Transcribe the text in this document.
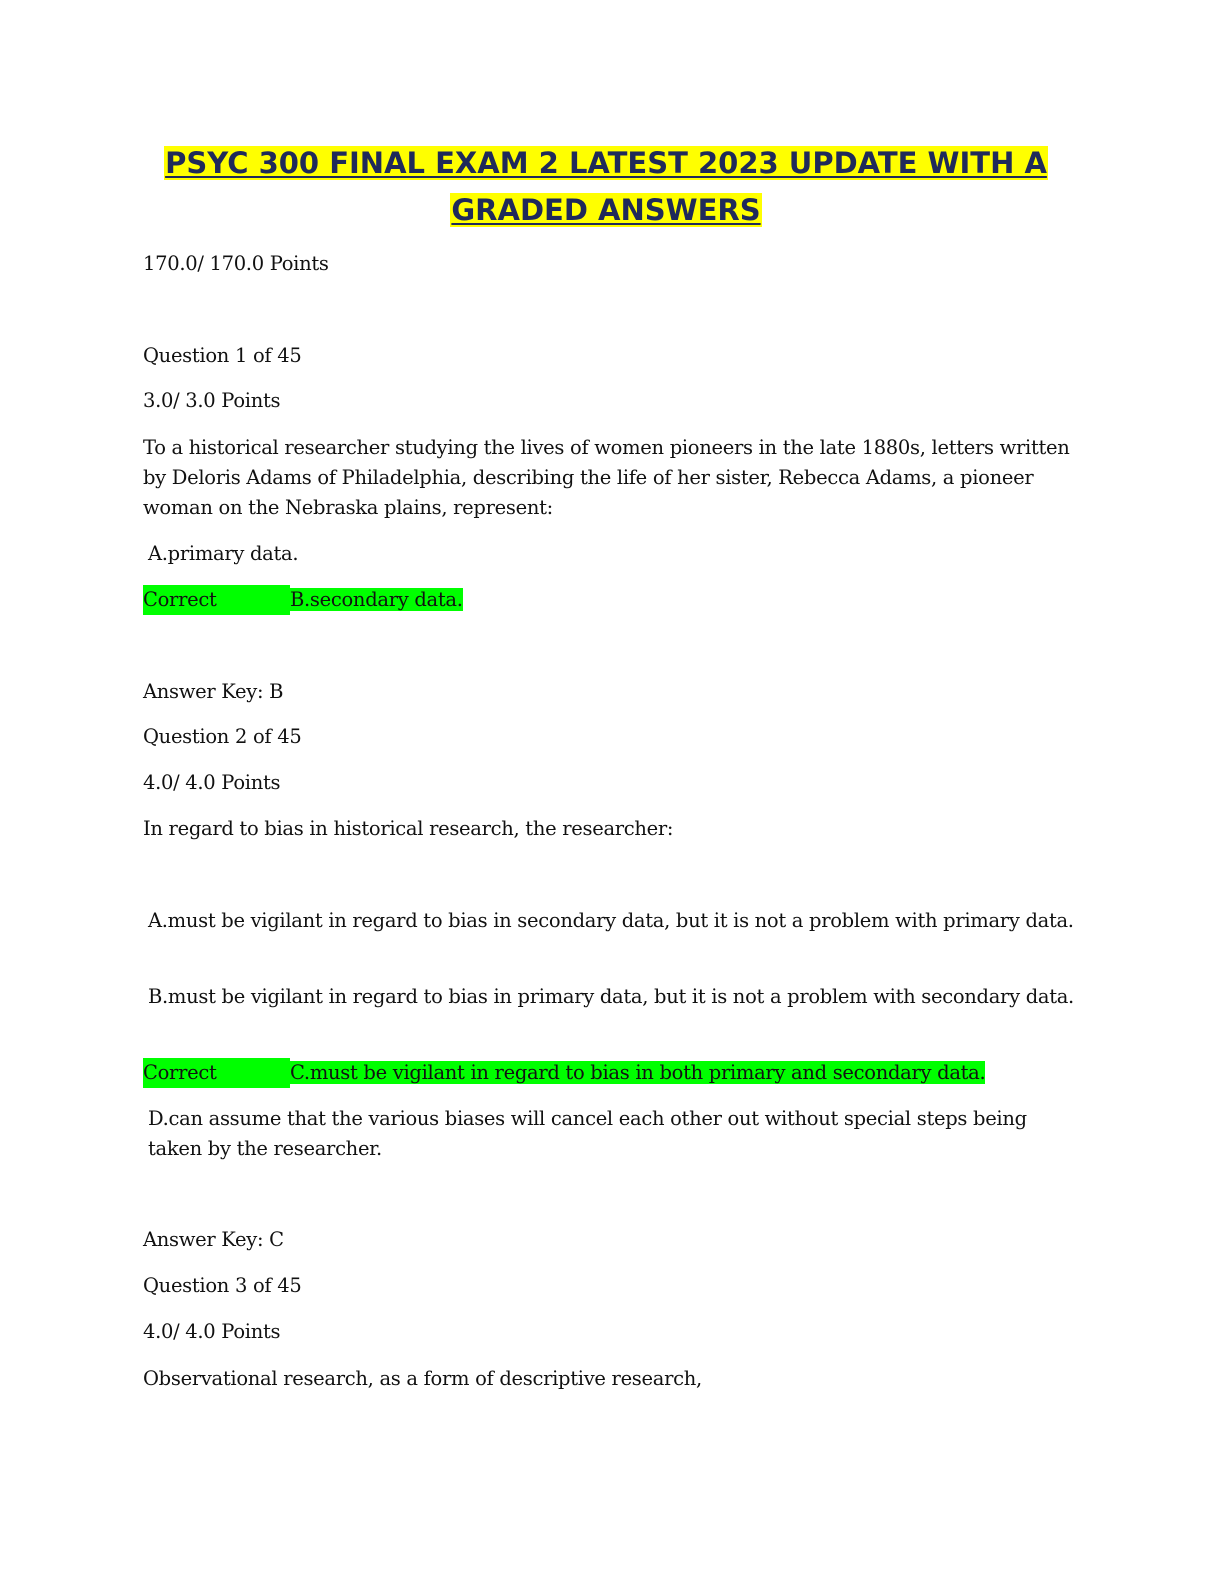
PSYC 300 FINAL EXAM 2 LATEST 2023 UPDATE WITH A
GRADED ANSWERS

170.0/ 170.0 Points

Question 1 of 45

3.0/ 3.0 Points

To a historical researcher studying the lives of women pioneers in the late 1880s, letters written by Deloris Adams of Philadelphia, describing the life of her sister, Rebecca Adams, a pioneer woman on the Nebraska plains, represent:

A.primary data.

Correct	B.secondary data.

Answer Key: B

Question 2 of 45

4.0/ 4.0 Points

In regard to bias in historical research, the researcher:

A.must be vigilant in regard to bias in secondary data, but it is not a problem with primary data.

B.must be vigilant in regard to bias in primary data, but it is not a problem with secondary data.

Correct	C.must be vigilant in regard to bias in both primary and secondary data.

D.can assume that the various biases will cancel each other out without special steps being taken by the researcher.

Answer Key: C

Question 3 of 45

4.0/ 4.0 Points

Observational research, as a form of descriptive research,
